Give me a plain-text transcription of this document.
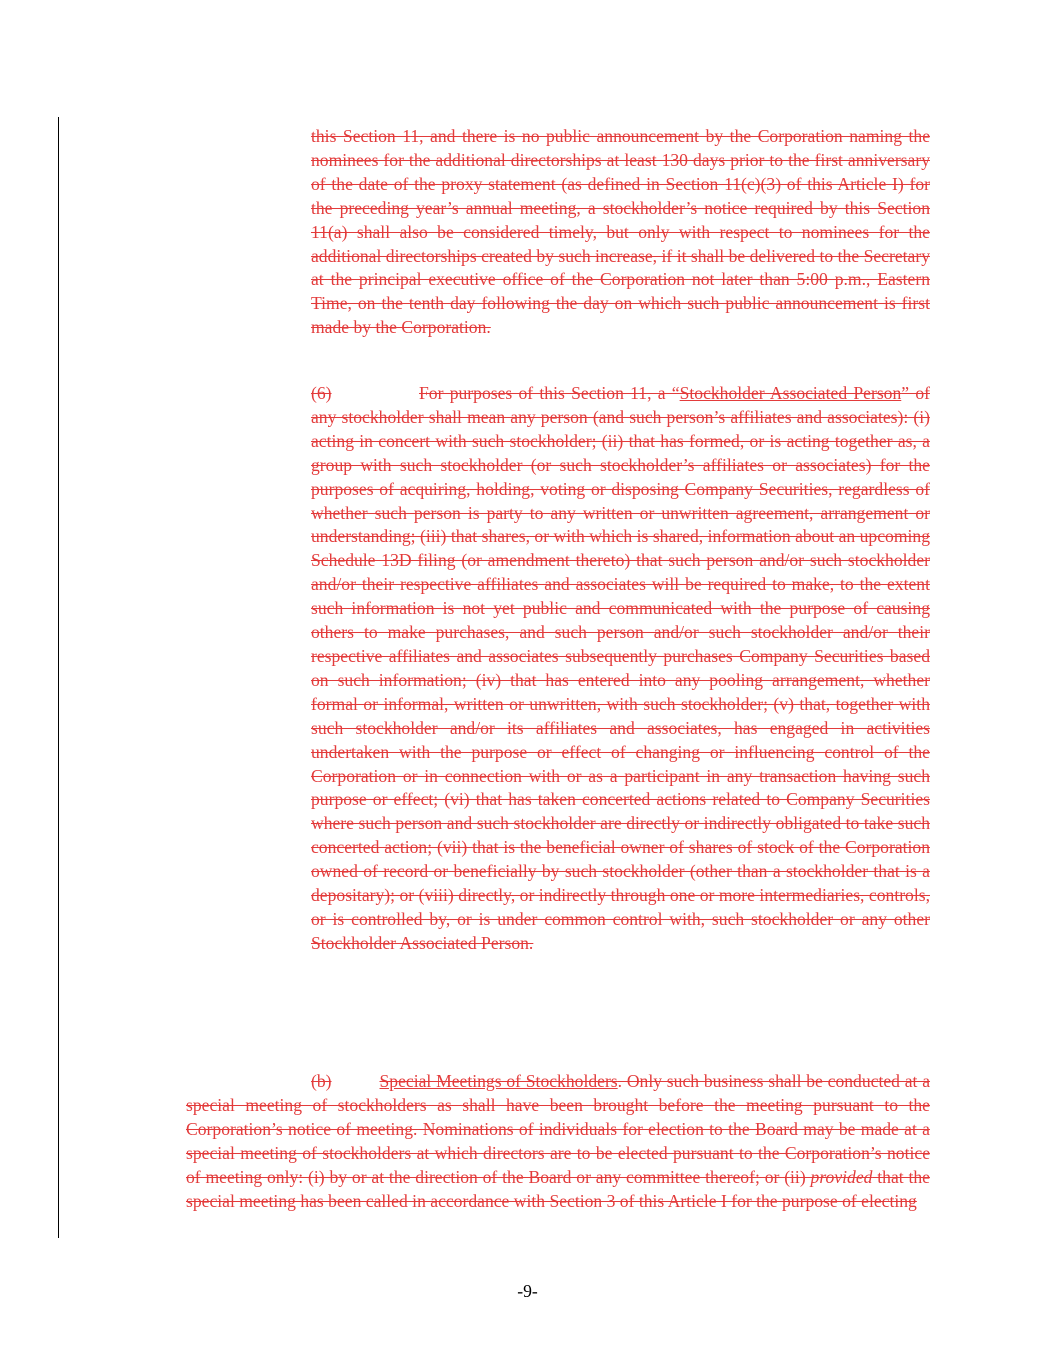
this Section 11, and there is no public announcement by the Corporation naming the nominees for the additional directorships at least 130 days prior to the first anniversary of the date of the proxy statement (as defined in Section 11(c)(3) of this Article I) for the preceding year’s annual meeting, a stockholder’s notice required by this Section 11(a) shall also be considered timely, but only with respect to nominees for the additional directorships created by such increase, if it shall be delivered to the Secretary at the principal executive office of the Corporation not later than 5:00 p.m., Eastern Time, on the tenth day following the day on which such public announcement is first made by the Corporation.

(6)	For purposes of this Section 11, a “Stockholder Associated Person” of any stockholder shall mean any person (and such person’s affiliates and associates): (i) acting in concert with such stockholder; (ii) that has formed, or is acting together as, a group with such stockholder (or such stockholder’s affiliates or associates) for the purposes of acquiring, holding, voting or disposing Company Securities, regardless of whether such person is party to any written or unwritten agreement, arrangement or understanding; (iii) that shares, or with which is shared, information about an upcoming Schedule 13D filing (or amendment thereto) that such person and/or such stockholder and/or their respective affiliates and associates will be required to make, to the extent such information is not yet public and communicated with the purpose of causing others to make purchases, and such person and/or such stockholder and/or their respective affiliates and associates subsequently purchases Company Securities based on such information; (iv) that has entered into any pooling arrangement, whether formal or informal, written or unwritten, with such stockholder; (v) that, together with such stockholder and/or its affiliates and associates, has engaged in activities undertaken with the purpose or effect of changing or influencing control of the Corporation or in connection with or as a participant in any transaction having such purpose or effect; (vi) that has taken concerted actions related to Company Securities where such person and such stockholder are directly or indirectly obligated to take such concerted action; (vii) that is the beneficial owner of shares of stock of the Corporation owned of record or beneficially by such stockholder (other than a stockholder that is a depositary); or (viii) directly, or indirectly through one or more intermediaries, controls, or is controlled by, or is under common control with, such stockholder or any other Stockholder Associated Person.

(b)	Special Meetings of Stockholders. Only such business shall be conducted at a special meeting of stockholders as shall have been brought before the meeting pursuant to the Corporation’s notice of meeting. Nominations of individuals for election to the Board may be made at a special meeting of stockholders at which directors are to be elected pursuant to the Corporation’s notice of meeting only: (i) by or at the direction of the Board or any committee thereof; or (ii) provided that the special meeting has been called in accordance with Section 3 of this Article I for the purpose of electing

-9-
